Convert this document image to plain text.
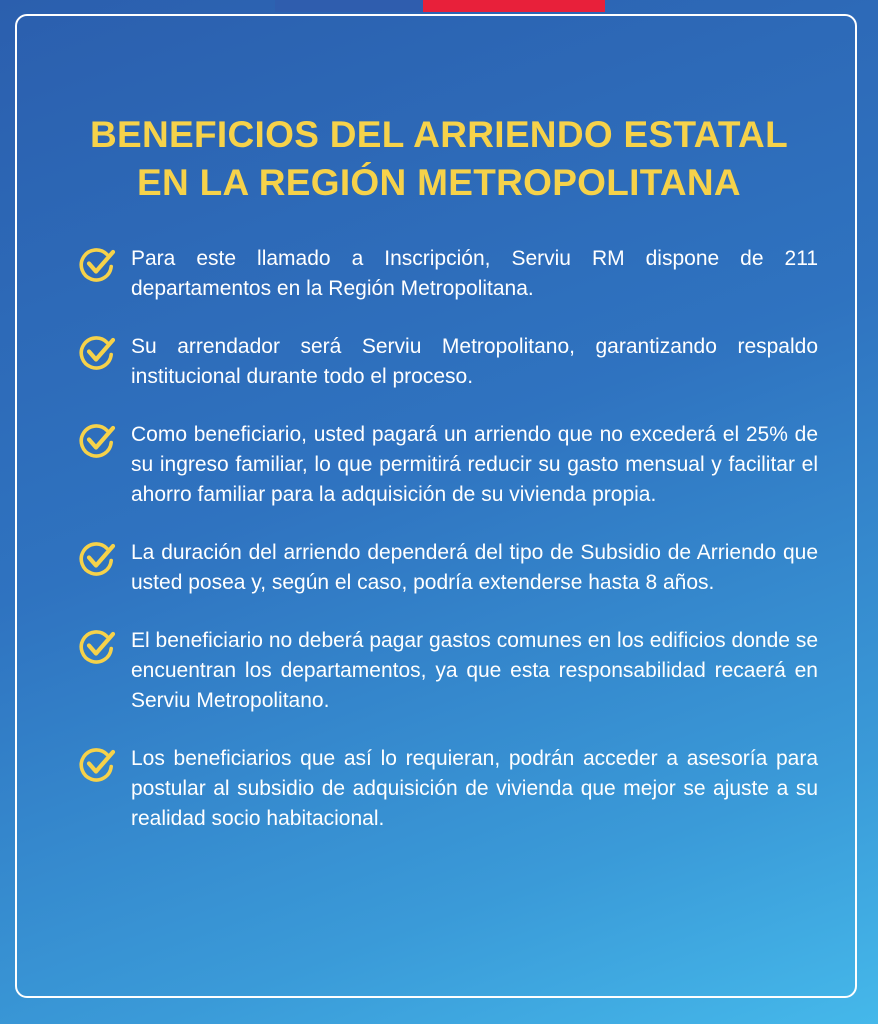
BENEFICIOS DEL ARRIENDO ESTATAL
EN LA REGIÓN METROPOLITANA

Para este llamado a Inscripción, Serviu RM dispone de 211 departamentos en la Región Metropolitana.

Su arrendador será Serviu Metropolitano, garantizando respaldo institucional durante todo el proceso.

Como beneficiario, usted pagará un arriendo que no excederá el 25% de su ingreso familiar, lo que permitirá reducir su gasto mensual y facilitar el ahorro familiar para la adquisición de su vivienda propia.

La duración del arriendo dependerá del tipo de Subsidio de Arriendo que usted posea y, según el caso, podría extenderse hasta 8 años.

El beneficiario no deberá pagar gastos comunes en los edificios donde se encuentran los departamentos, ya que esta responsabilidad recaerá en Serviu Metropolitano.

Los beneficiarios que así lo requieran, podrán acceder a asesoría para postular al subsidio de adquisición de vivienda que mejor se ajuste a su realidad socio habitacional.
